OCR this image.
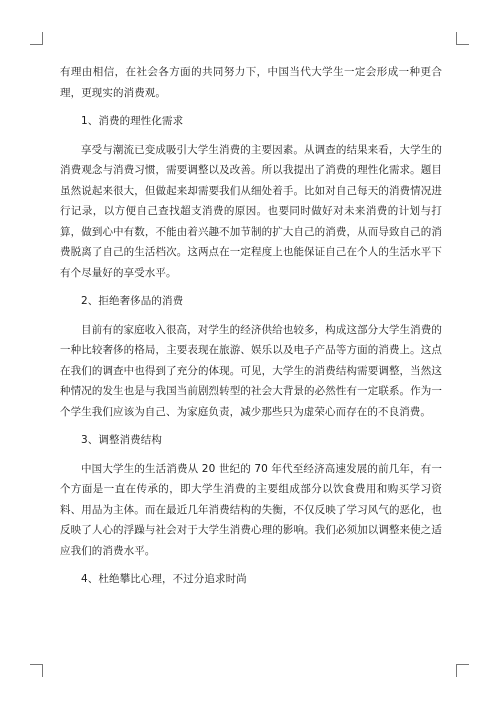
有理由相信，在社会各方面的共同努力下，中国当代大学生一定会形成一种更合理，更现实的消费观。

1、消费的理性化需求

享受与潮流已变成吸引大学生消费的主要因素。从调查的结果来看，大学生的消费观念与消费习惯，需要调整以及改善。所以我提出了消费的理性化需求。题目虽然说起来很大，但做起来却需要我们从细处着手。比如对自己每天的消费情况进行记录，以方便自己查找超支消费的原因。也要同时做好对未来消费的计划与打算，做到心中有数，不能由着兴趣不加节制的扩大自己的消费，从而导致自己的消费脱离了自己的生活档次。这两点在一定程度上也能保证自己在个人的生活水平下有个尽量好的享受水平。

2、拒绝奢侈品的消费

目前有的家庭收入很高，对学生的经济供给也较多，构成这部分大学生消费的一种比较奢侈的格局，主要表现在旅游、娱乐以及电子产品等方面的消费上。这点在我们的调查中也得到了充分的体现。可见，大学生的消费结构需要调整，当然这种情况的发生也是与我国当前剧烈转型的社会大背景的必然性有一定联系。作为一个学生我们应该为自己、为家庭负责，减少那些只为虚荣心而存在的不良消费。

3、调整消费结构

中国大学生的生活消费从 20 世纪的 70 年代至经济高速发展的前几年，有一个方面是一直在传承的，即大学生消费的主要组成部分以饮食费用和购买学习资料、用品为主体。而在最近几年消费结构的失衡，不仅反映了学习风气的恶化，也反映了人心的浮躁与社会对于大学生消费心理的影响。我们必须加以调整来使之适应我们的消费水平。

4、杜绝攀比心理，不过分追求时尚
